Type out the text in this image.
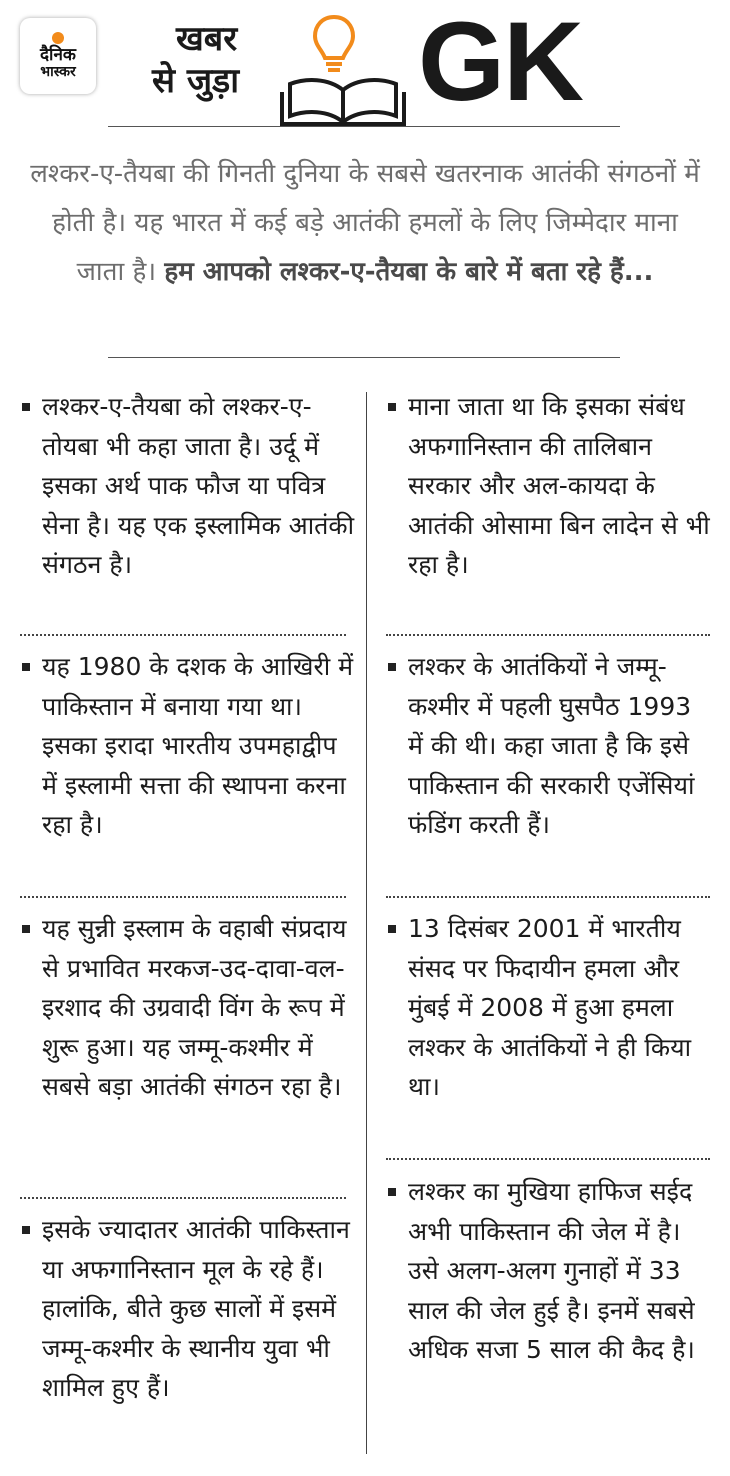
दैनिक
भास्कर
खबर
से जुड़ा	GK
लश्कर-ए-तैयबा की गिनती दुनिया के सबसे खतरनाक आतंकी संगठनों में होती है। यह भारत में कई बड़े आतंकी हमलों के लिए जिम्मेदार माना जाता है। हम आपको लश्कर-ए-तैयबा के बारे में बता रहे हैं...

लश्कर-ए-तैयबा को लश्कर-ए-तोयबा भी कहा जाता है। उर्दू में इसका अर्थ पाक फौज या पवित्र सेना है। यह एक इस्लामिक आतंकी संगठन है।

यह 1980 के दशक के आखिरी में पाकिस्तान में बनाया गया था। इसका इरादा भारतीय उपमहाद्वीप में इस्लामी सत्ता की स्थापना करना रहा है।

यह सुन्नी इस्लाम के वहाबी संप्रदाय से प्रभावित मरकज-उद-दावा-वल-इरशाद की उग्रवादी विंग के रूप में शुरू हुआ। यह जम्मू-कश्मीर में सबसे बड़ा आतंकी संगठन रहा है।

इसके ज्यादातर आतंकी पाकिस्तान या अफगानिस्तान मूल के रहे हैं। हालांकि, बीते कुछ सालों में इसमें जम्मू-कश्मीर के स्थानीय युवा भी शामिल हुए हैं।

माना जाता था कि इसका संबंध अफगानिस्तान की तालिबान सरकार और अल-कायदा के आतंकी ओसामा बिन लादेन से भी रहा है।

लश्कर के आतंकियों ने जम्मू-कश्मीर में पहली घुसपैठ 1993 में की थी। कहा जाता है कि इसे पाकिस्तान की सरकारी एजेंसियां फंडिंग करती हैं।

13 दिसंबर 2001 में भारतीय संसद पर फिदायीन हमला और मुंबई में 2008 में हुआ हमला लश्कर के आतंकियों ने ही किया था।

लश्कर का मुखिया हाफिज सईद अभी पाकिस्तान की जेल में है। उसे अलग-अलग गुनाहों में 33 साल की जेल हुई है। इनमें सबसे अधिक सजा 5 साल की कैद है।
